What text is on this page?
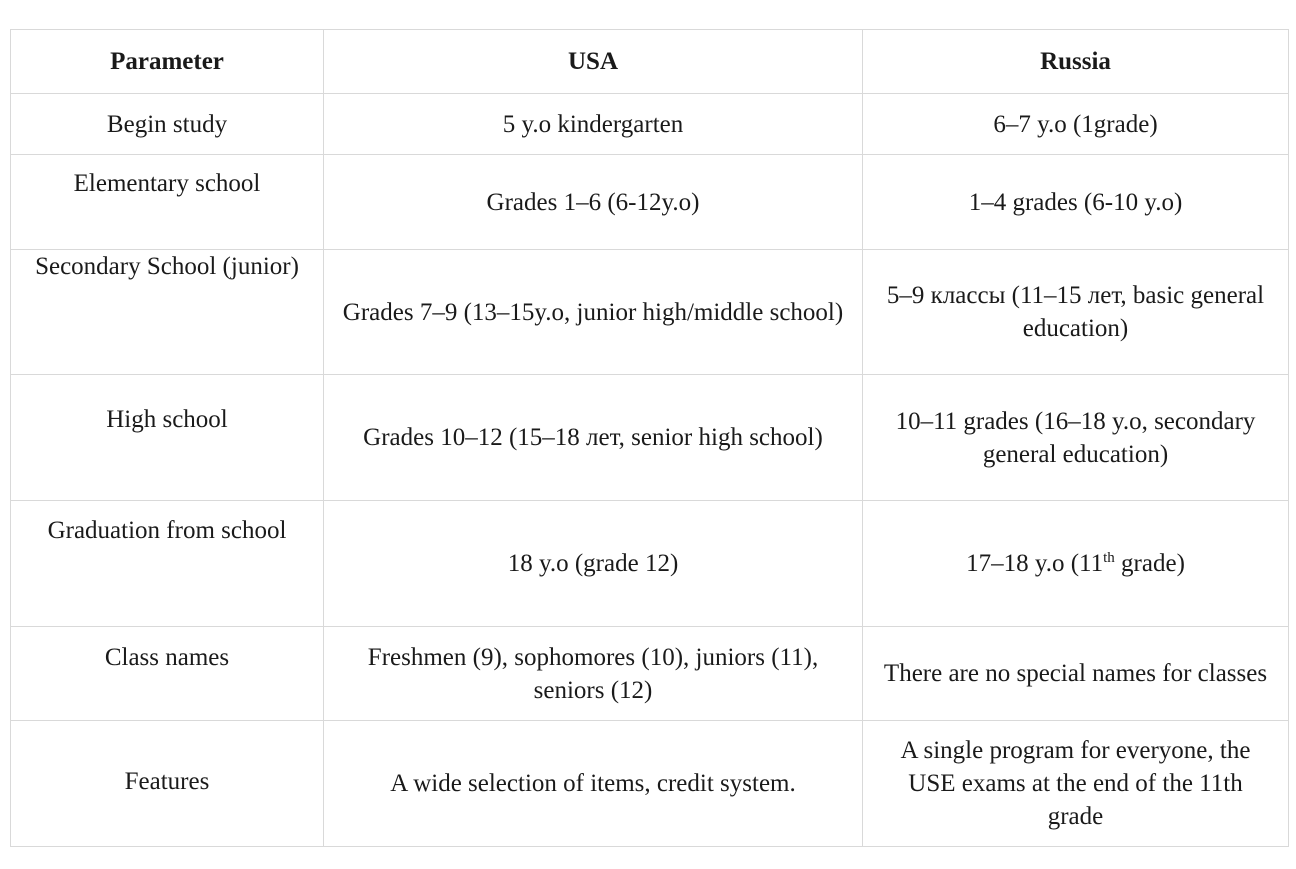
Parameter	USA	Russia
Begin study	5 y.o kindergarten	6–7 y.o (1grade)
Elementary school	Grades 1–6 (6-12y.o)	1–4 grades (6-10 y.o)
Secondary School (junior)	Grades 7–9 (13–15y.o, junior high/middle school)	5–9 классы (11–15 лет, basic general education)
High school	Grades 10–12 (15–18 лет, senior high school)	10–11 grades (16–18 y.o, secondary general education)
Graduation from school	18 y.o (grade 12)	17–18 y.o (11th grade)
Class names	Freshmen (9), sophomores (10), juniors (11), seniors (12)	There are no special names for classes
Features	A wide selection of items, credit system.	A single program for everyone, the USE exams at the end of the 11th grade
